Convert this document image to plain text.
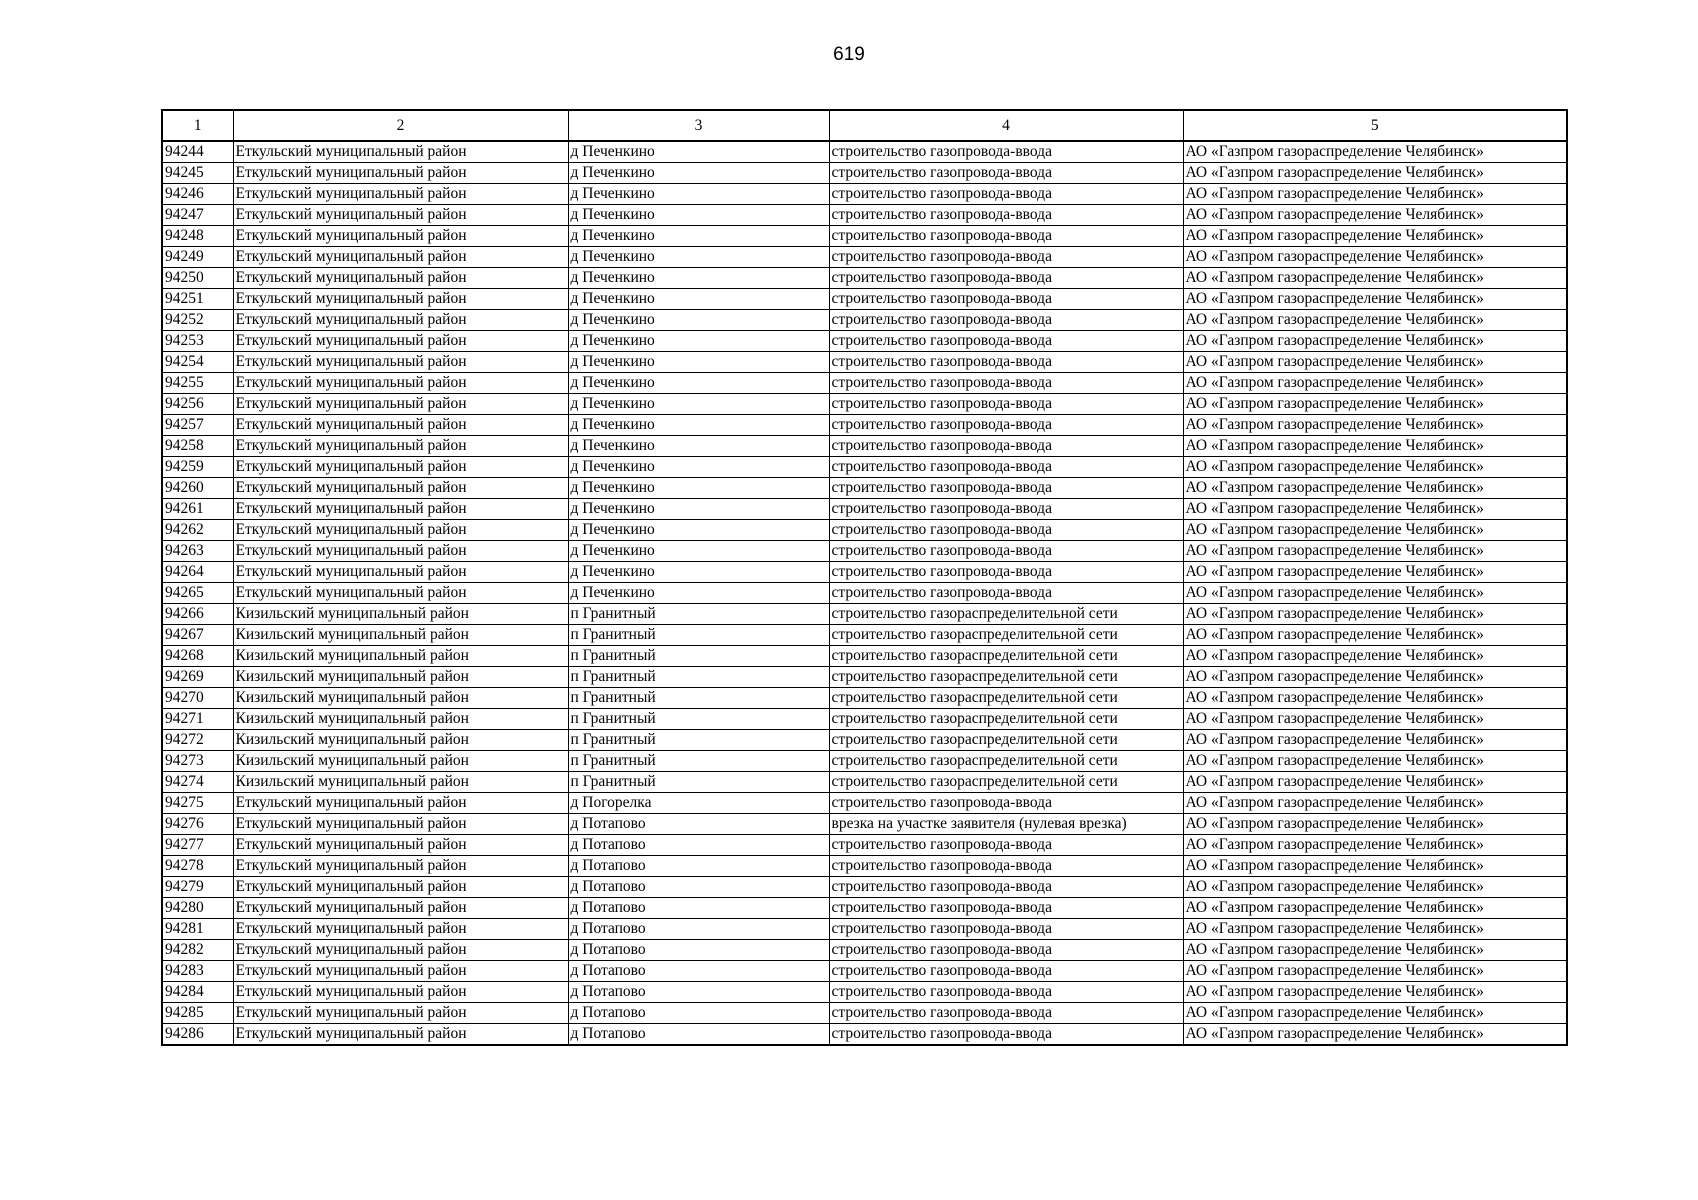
619
1	2	3	4	5
94244	Еткульский муниципальный район	д Печенкино	строительство газопровода-ввода	АО «Газпром газораспределение Челябинск»
94245	Еткульский муниципальный район	д Печенкино	строительство газопровода-ввода	АО «Газпром газораспределение Челябинск»
94246	Еткульский муниципальный район	д Печенкино	строительство газопровода-ввода	АО «Газпром газораспределение Челябинск»
94247	Еткульский муниципальный район	д Печенкино	строительство газопровода-ввода	АО «Газпром газораспределение Челябинск»
94248	Еткульский муниципальный район	д Печенкино	строительство газопровода-ввода	АО «Газпром газораспределение Челябинск»
94249	Еткульский муниципальный район	д Печенкино	строительство газопровода-ввода	АО «Газпром газораспределение Челябинск»
94250	Еткульский муниципальный район	д Печенкино	строительство газопровода-ввода	АО «Газпром газораспределение Челябинск»
94251	Еткульский муниципальный район	д Печенкино	строительство газопровода-ввода	АО «Газпром газораспределение Челябинск»
94252	Еткульский муниципальный район	д Печенкино	строительство газопровода-ввода	АО «Газпром газораспределение Челябинск»
94253	Еткульский муниципальный район	д Печенкино	строительство газопровода-ввода	АО «Газпром газораспределение Челябинск»
94254	Еткульский муниципальный район	д Печенкино	строительство газопровода-ввода	АО «Газпром газораспределение Челябинск»
94255	Еткульский муниципальный район	д Печенкино	строительство газопровода-ввода	АО «Газпром газораспределение Челябинск»
94256	Еткульский муниципальный район	д Печенкино	строительство газопровода-ввода	АО «Газпром газораспределение Челябинск»
94257	Еткульский муниципальный район	д Печенкино	строительство газопровода-ввода	АО «Газпром газораспределение Челябинск»
94258	Еткульский муниципальный район	д Печенкино	строительство газопровода-ввода	АО «Газпром газораспределение Челябинск»
94259	Еткульский муниципальный район	д Печенкино	строительство газопровода-ввода	АО «Газпром газораспределение Челябинск»
94260	Еткульский муниципальный район	д Печенкино	строительство газопровода-ввода	АО «Газпром газораспределение Челябинск»
94261	Еткульский муниципальный район	д Печенкино	строительство газопровода-ввода	АО «Газпром газораспределение Челябинск»
94262	Еткульский муниципальный район	д Печенкино	строительство газопровода-ввода	АО «Газпром газораспределение Челябинск»
94263	Еткульский муниципальный район	д Печенкино	строительство газопровода-ввода	АО «Газпром газораспределение Челябинск»
94264	Еткульский муниципальный район	д Печенкино	строительство газопровода-ввода	АО «Газпром газораспределение Челябинск»
94265	Еткульский муниципальный район	д Печенкино	строительство газопровода-ввода	АО «Газпром газораспределение Челябинск»
94266	Кизильский муниципальный район	п Гранитный	строительство газораспределительной сети	АО «Газпром газораспределение Челябинск»
94267	Кизильский муниципальный район	п Гранитный	строительство газораспределительной сети	АО «Газпром газораспределение Челябинск»
94268	Кизильский муниципальный район	п Гранитный	строительство газораспределительной сети	АО «Газпром газораспределение Челябинск»
94269	Кизильский муниципальный район	п Гранитный	строительство газораспределительной сети	АО «Газпром газораспределение Челябинск»
94270	Кизильский муниципальный район	п Гранитный	строительство газораспределительной сети	АО «Газпром газораспределение Челябинск»
94271	Кизильский муниципальный район	п Гранитный	строительство газораспределительной сети	АО «Газпром газораспределение Челябинск»
94272	Кизильский муниципальный район	п Гранитный	строительство газораспределительной сети	АО «Газпром газораспределение Челябинск»
94273	Кизильский муниципальный район	п Гранитный	строительство газораспределительной сети	АО «Газпром газораспределение Челябинск»
94274	Кизильский муниципальный район	п Гранитный	строительство газораспределительной сети	АО «Газпром газораспределение Челябинск»
94275	Еткульский муниципальный район	д Погорелка	строительство газопровода-ввода	АО «Газпром газораспределение Челябинск»
94276	Еткульский муниципальный район	д Потапово	врезка на участке заявителя (нулевая врезка)	АО «Газпром газораспределение Челябинск»
94277	Еткульский муниципальный район	д Потапово	строительство газопровода-ввода	АО «Газпром газораспределение Челябинск»
94278	Еткульский муниципальный район	д Потапово	строительство газопровода-ввода	АО «Газпром газораспределение Челябинск»
94279	Еткульский муниципальный район	д Потапово	строительство газопровода-ввода	АО «Газпром газораспределение Челябинск»
94280	Еткульский муниципальный район	д Потапово	строительство газопровода-ввода	АО «Газпром газораспределение Челябинск»
94281	Еткульский муниципальный район	д Потапово	строительство газопровода-ввода	АО «Газпром газораспределение Челябинск»
94282	Еткульский муниципальный район	д Потапово	строительство газопровода-ввода	АО «Газпром газораспределение Челябинск»
94283	Еткульский муниципальный район	д Потапово	строительство газопровода-ввода	АО «Газпром газораспределение Челябинск»
94284	Еткульский муниципальный район	д Потапово	строительство газопровода-ввода	АО «Газпром газораспределение Челябинск»
94285	Еткульский муниципальный район	д Потапово	строительство газопровода-ввода	АО «Газпром газораспределение Челябинск»
94286	Еткульский муниципальный район	д Потапово	строительство газопровода-ввода	АО «Газпром газораспределение Челябинск»
